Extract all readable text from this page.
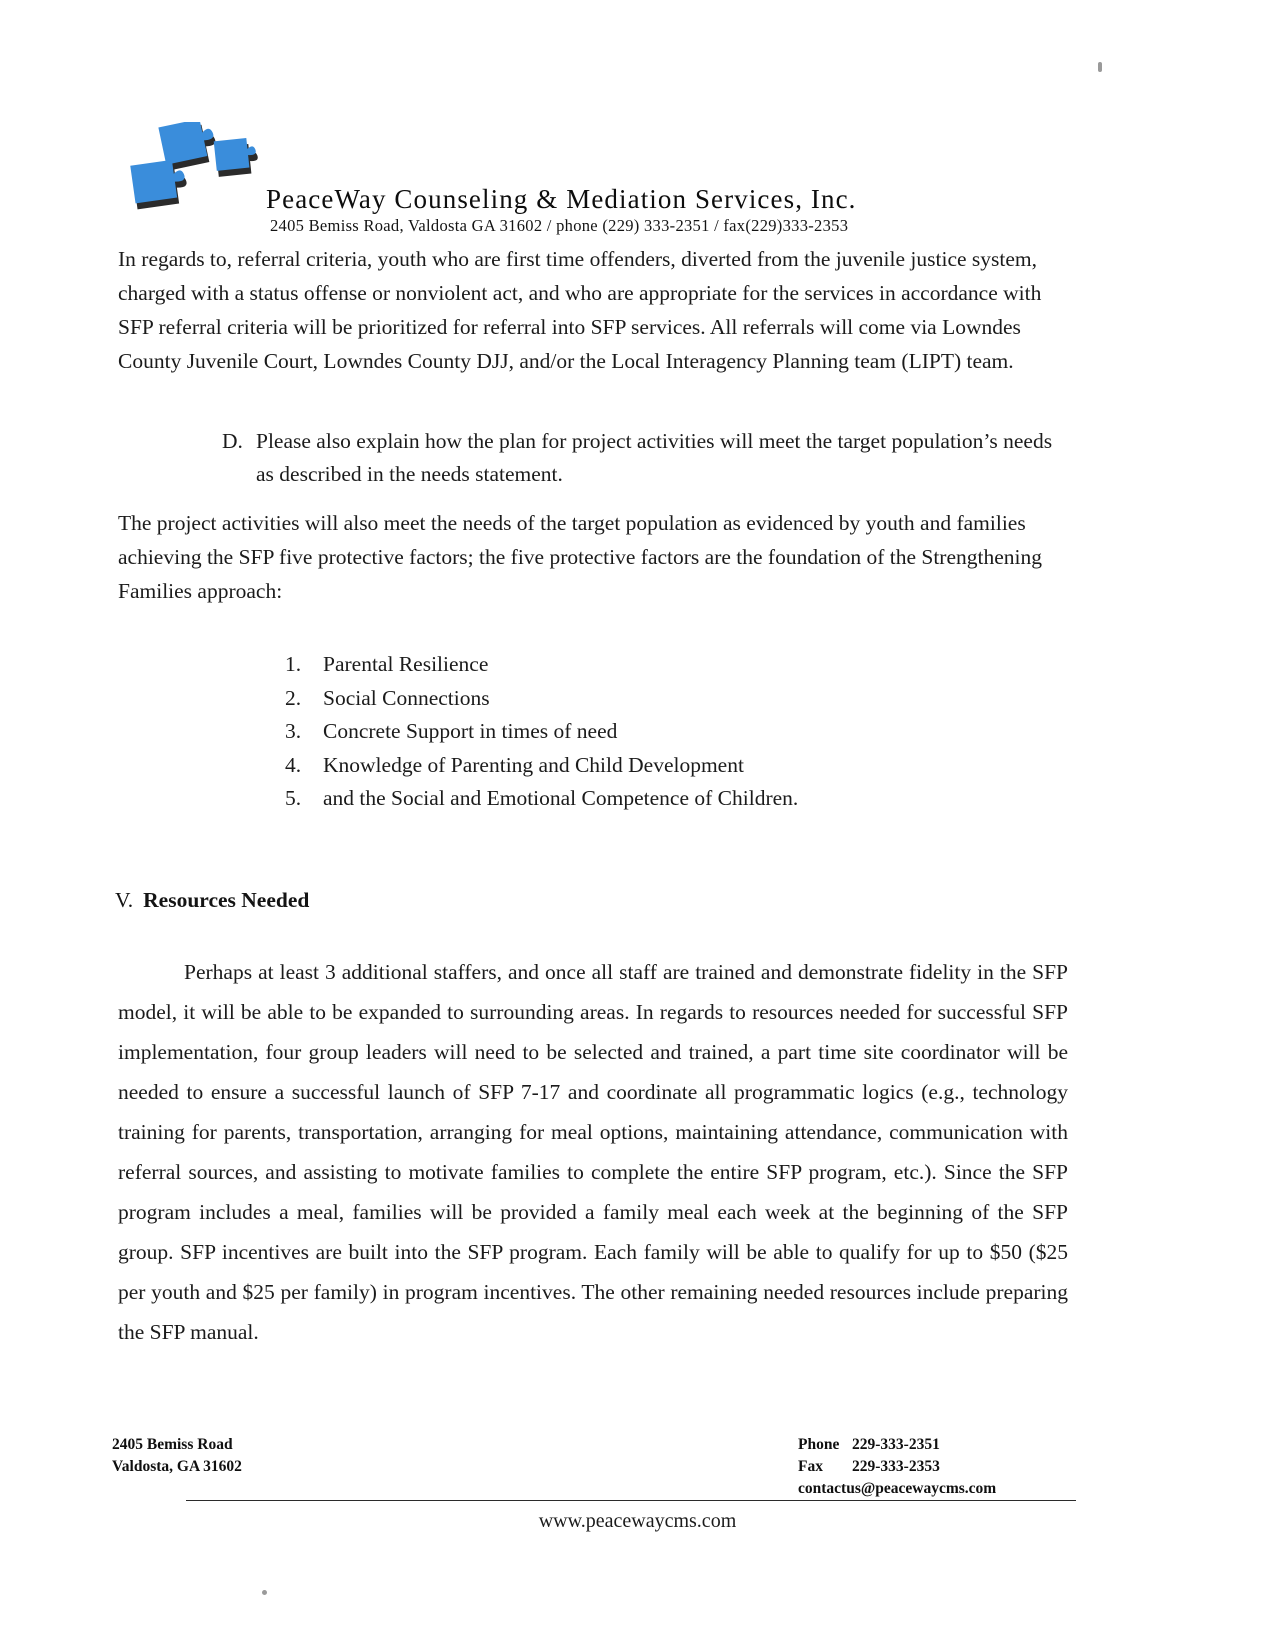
PeaceWay Counseling & Mediation Services, Inc.
2405 Bemiss Road, Valdosta GA 31602 / phone (229) 333-2351 / fax(229)333-2353
In regards to, referral criteria, youth who are first time offenders, diverted from the juvenile justice system, charged with a status offense or nonviolent act, and who are appropriate for the services in accordance with SFP referral criteria will be prioritized for referral into SFP services. All referrals will come via Lowndes County Juvenile Court, Lowndes County DJJ, and/or the Local Interagency Planning team (LIPT) team.
D. Please also explain how the plan for project activities will meet the target population’s needs as described in the needs statement.
The project activities will also meet the needs of the target population as evidenced by youth and families achieving the SFP five protective factors; the five protective factors are the foundation of the Strengthening Families approach:
1.	Parental Resilience
2.	Social Connections
3.	Concrete Support in times of need
4.	Knowledge of Parenting and Child Development
5.	and the Social and Emotional Competence of Children.
V. Resources Needed
Perhaps at least 3 additional staffers, and once all staff are trained and demonstrate fidelity in the SFP model, it will be able to be expanded to surrounding areas. In regards to resources needed for successful SFP implementation, four group leaders will need to be selected and trained, a part time site coordinator will be needed to ensure a successful launch of SFP 7-17 and coordinate all programmatic logics (e.g., technology training for parents, transportation, arranging for meal options, maintaining attendance, communication with referral sources, and assisting to motivate families to complete the entire SFP program, etc.). Since the SFP program includes a meal, families will be provided a family meal each week at the beginning of the SFP group. SFP incentives are built into the SFP program. Each family will be able to qualify for up to $50 ($25 per youth and $25 per family) in program incentives. The other remaining needed resources include preparing the SFP manual.
2405 Bemiss Road
Valdosta, GA 31602
Phone 229-333-2351
Fax	229-333-2353
contactus@peacewaycms.com
www.peacewaycms.com
